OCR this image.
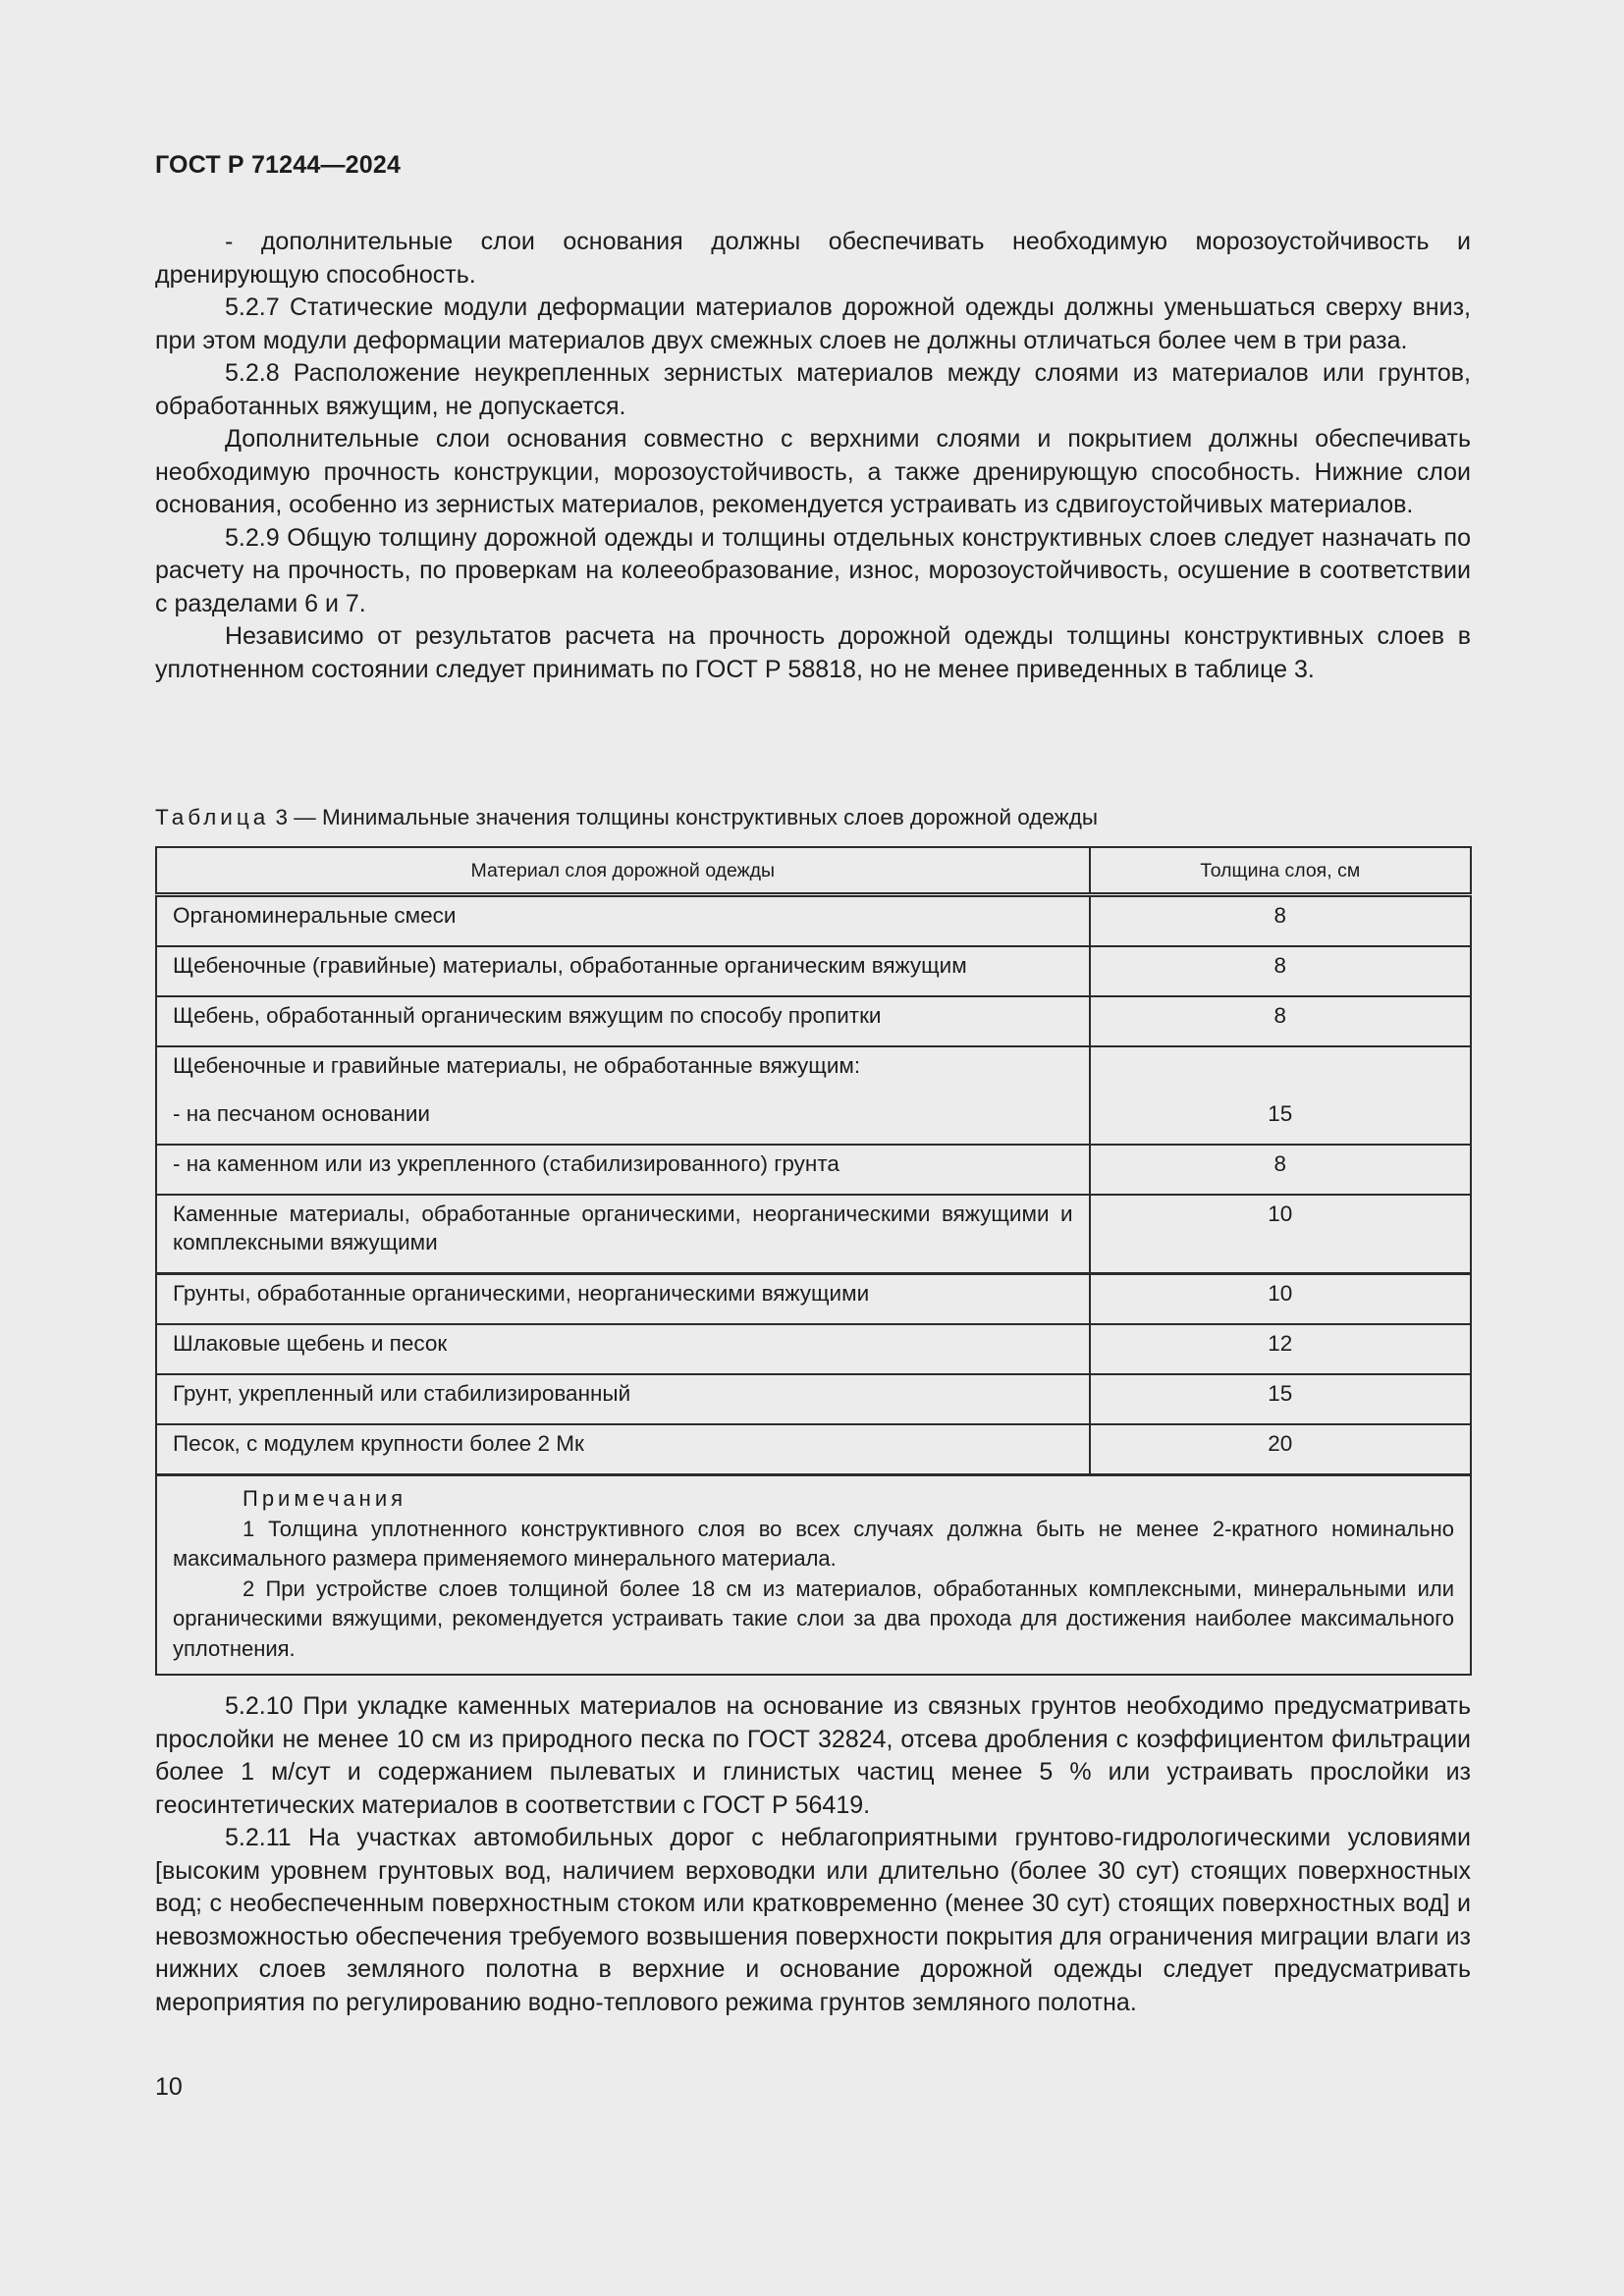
ГОСТ Р 71244—2024

- дополнительные слои основания должны обеспечивать необходимую морозоустойчивость и дренирующую способность.

5.2.7 Статические модули деформации материалов дорожной одежды должны уменьшаться сверху вниз, при этом модули деформации материалов двух смежных слоев не должны отличаться более чем в три раза.

5.2.8 Расположение неукрепленных зернистых материалов между слоями из материалов или грунтов, обработанных вяжущим, не допускается.

Дополнительные слои основания совместно с верхними слоями и покрытием должны обеспечивать необходимую прочность конструкции, морозоустойчивость, а также дренирующую способность. Нижние слои основания, особенно из зернистых материалов, рекомендуется устраивать из сдвигоустойчивых материалов.

5.2.9 Общую толщину дорожной одежды и толщины отдельных конструктивных слоев следует назначать по расчету на прочность, по проверкам на колееобразование, износ, морозоустойчивость, осушение в соответствии с разделами 6 и 7.

Независимо от результатов расчета на прочность дорожной одежды толщины конструктивных слоев в уплотненном состоянии следует принимать по ГОСТ Р 58818, но не менее приведенных в таблице 3.

Таблица 3 — Минимальные значения толщины конструктивных слоев дорожной одежды
Материал слоя дорожной одежды	Толщина слоя, см
Органоминеральные смеси	8
Щебеночные (гравийные) материалы, обработанные органическим вяжущим	8
Щебень, обработанный органическим вяжущим по способу пропитки	8
Щебеночные и гравийные материалы, не обработанные вяжущим:	
- на песчаном основании	15
- на каменном или из укрепленного (стабилизированного) грунта	8
Каменные материалы, обработанные органическими, неорганическими вяжущими и комплексными вяжущими	10
Грунты, обработанные органическими, неорганическими вяжущими	10
Шлаковые щебень и песок	12
Грунт, укрепленный или стабилизированный	15
Песок, с модулем крупности более 2 Мк	20

Примечания

1 Толщина уплотненного конструктивного слоя во всех случаях должна быть не менее 2-кратного номинально максимального размера применяемого минерального материала.

2 При устройстве слоев толщиной более 18 см из материалов, обработанных комплексными, минеральными или органическими вяжущими, рекомендуется устраивать такие слои за два прохода для достижения наиболее максимального уплотнения.	

5.2.10 При укладке каменных материалов на основание из связных грунтов необходимо предусматривать прослойки не менее 10 см из природного песка по ГОСТ 32824, отсева дробления с коэффициентом фильтрации более 1 м/сут и содержанием пылеватых и глинистых частиц менее 5 % или устраивать прослойки из геосинтетических материалов в соответствии с ГОСТ Р 56419.

5.2.11 На участках автомобильных дорог с неблагоприятными грунтово-гидрологическими условиями [высоким уровнем грунтовых вод, наличием верховодки или длительно (более 30 сут) стоящих поверхностных вод; с необеспеченным поверхностным стоком или кратковременно (менее 30 сут) стоящих поверхностных вод] и невозможностью обеспечения требуемого возвышения поверхности покрытия для ограничения миграции влаги из нижних слоев земляного полотна в верхние и основание дорожной одежды следует предусматривать мероприятия по регулированию водно-теплового режима грунтов земляного полотна.

10
